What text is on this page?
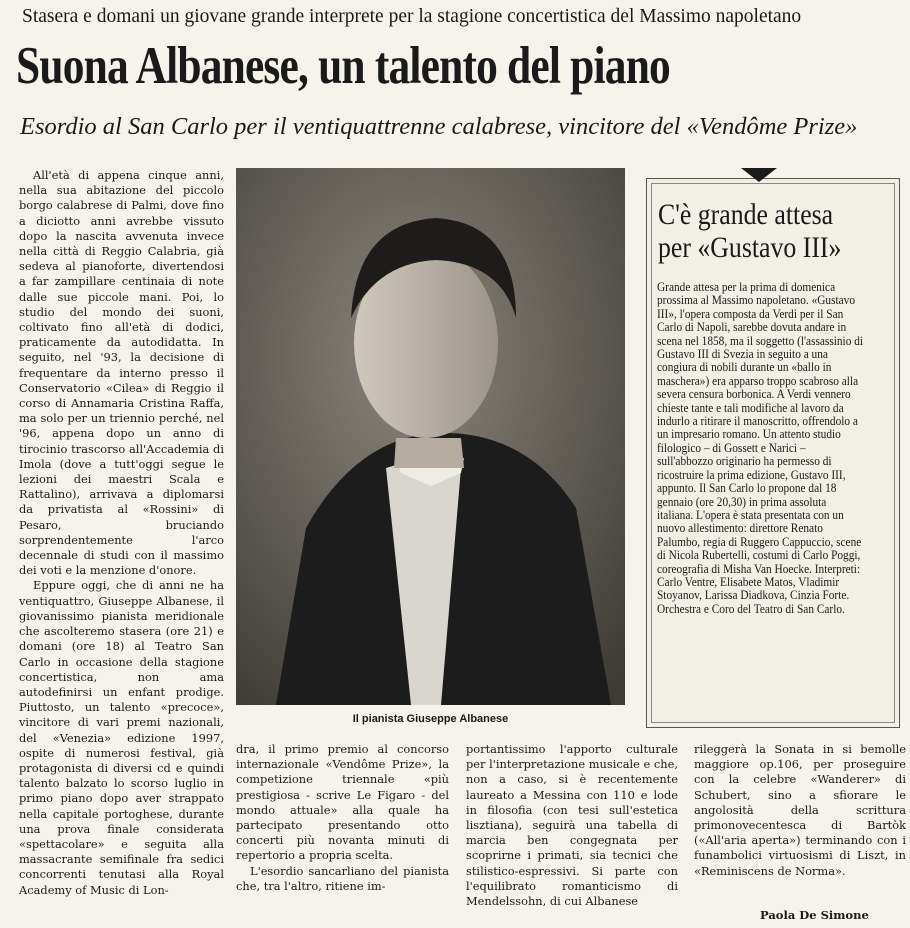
Stasera e domani un giovane grande interprete per la stagione concertistica del Massimo napoletano
Suona Albanese, un talento del piano
Esordio al San Carlo per il ventiquattrenne calabrese, vincitore del «Vendôme Prize»

All'età di appena cinque anni, nella sua abitazione del piccolo borgo calabrese di Palmi, dove fino a diciotto anni avrebbe vissuto dopo la nascita avvenuta invece nella città di Reggio Calabria, già sedeva al pianoforte, divertendosi a far zampillare centinaia di note dalle sue piccole mani. Poi, lo studio del mondo dei suoni, coltivato fino all'età di dodici, praticamente da autodidatta. In seguito, nel '93, la decisione di frequentare da interno presso il Conservatorio «Cilea» di Reggio il corso di Annamaria Cristina Raffa, ma solo per un triennio perché, nel '96, appena dopo un anno di tirocinio trascorso all'Accademia di Imola (dove a tutt'oggi segue le lezioni dei maestri Scala e Rattalino), arrivava a diplomarsi da privatista al «Rossini» di Pesaro, bruciando sorprendentemente l'arco decennale di studi con il massimo dei voti e la menzione d'onore.

Eppure oggi, che di anni ne ha ventiquattro, Giuseppe Albanese, il giovanissimo pianista meridionale che ascolteremo stasera (ore 21) e domani (ore 18) al Teatro San Carlo in occasione della stagione concertistica, non ama autodefinirsi un enfant prodige. Piuttosto, un talento «precoce», vincitore di vari premi nazionali, del «Venezia» edizione 1997, ospite di numerosi festival, già protagonista di diversi cd e quindi talento balzato lo scorso luglio in primo piano dopo aver strappato nella capitale portoghese, durante una prova finale considerata «spettacolare» e seguita alla massacrante semifinale fra sedici concorrenti tenutasi alla Royal Academy of Music di Lon-

Il pianista Giuseppe Albanese
C'è grande attesa per «Gustavo III»
Grande attesa per la prima di domenica prossima al Massimo napoletano. «Gustavo III», l'opera composta da Verdi per il San Carlo di Napoli, sarebbe dovuta andare in scena nel 1858, ma il soggetto (l'assassinio di Gustavo III di Svezia in seguito a una congiura di nobili durante un «ballo in maschera») era apparso troppo scabroso alla severa censura borbonica. A Verdi vennero chieste tante e tali modifiche al lavoro da indurlo a ritirare il manoscritto, offrendolo a un impresario romano. Un attento studio filologico – di Gossett e Narici – sull'abbozzo originario ha permesso di ricostruire la prima edizione, Gustavo III, appunto. Il San Carlo lo propone dal 18 gennaio (ore 20,30) in prima assoluta italiana. L'opera è stata presentata con un nuovo allestimento: direttore Renato Palumbo, regia di Ruggero Cappuccio, scene di Nicola Rubertelli, costumi di Carlo Poggi, coreografia di Misha Van Hoecke. Interpreti: Carlo Ventre, Elisabete Matos, Vladimir Stoyanov, Larissa Diadkova, Cinzia Forte. Orchestra e Coro del Teatro di San Carlo.

dra, il primo premio al concorso internazionale «Vendôme Prize», la competizione triennale «più prestigiosa - scrive Le Figaro - del mondo attuale» alla quale ha partecipato presentando otto concerti più novanta minuti di repertorio a propria scelta.

L'esordio sancarliano del pianista che, tra l'altro, ritiene im-

portantissimo l'apporto culturale per l'interpretazione musicale e che, non a caso, si è recentemente laureato a Messina con 110 e lode in filosofia (con tesi sull'estetica lisztiana), seguirà una tabella di marcia ben congegnata per scoprirne i primati, sia tecnici che stilistico-espressivi. Si parte con l'equilibrato romanticismo di Mendelssohn, di cui Albanese

rileggerà la Sonata in si bemolle maggiore op.106, per proseguire con la celebre «Wanderer» di Schubert, sino a sfiorare le angolosità della scrittura primonovecentesca di Bartòk («All'aria aperta») terminando con i funambolici virtuosismi di Liszt, in «Reminiscens de Norma».

Paola De Simone
